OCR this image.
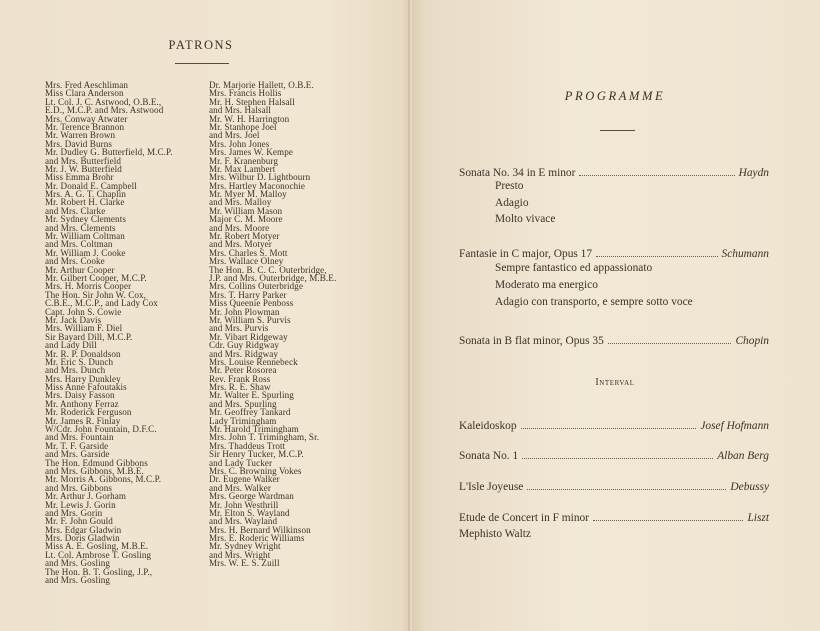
PATRONS
Mrs. Fred Aeschliman
Miss Clara Anderson
Lt. Col. J. C. Astwood, O.B.E.,
E.D., M.C.P. and Mrs. Astwood
Mrs. Conway Atwater
Mr. Terence Brannon
Mr. Warren Brown
Mrs. David Burns
Mr. Dudley G. Butterfield, M.C.P.
and Mrs. Butterfield
Mr. J. W. Butterfield
Miss Emma Brohr
Mr. Donald E. Campbell
Mrs. A. G. T. Chaplin
Mr. Robert H. Clarke
and Mrs. Clarke
Mr. Sydney Clements
and Mrs. Clements
Mr. William Coltman
and Mrs. Coltman
Mr. William J. Cooke
and Mrs. Cooke
Mr. Arthur Cooper
Mr. Gilbert Cooper, M.C.P.
Mrs. H. Morris Cooper
The Hon. Sir John W. Cox,
C.B.E., M.C.P., and Lady Cox
Capt. John S. Cowie
Mr. Jack Davis
Mrs. William F. Diel
Sir Bayard Dill, M.C.P.
and Lady Dill
Mr. R. P. Donaldson
Mr. Eric S. Dunch
and Mrs. Dunch
Mrs. Harry Dunkley
Miss Anne Fafoutakis
Mrs. Daisy Fasson
Mr. Anthony Ferraz
Mr. Roderick Ferguson
Mr. James R. Finlay
W/Cdr. John Fountain, D.F.C.
and Mrs. Fountain
Mr. T. F. Garside
and Mrs. Garside
The Hon. Edmund Gibbons
and Mrs. Gibbons, M.B.E.
Mr. Morris A. Gibbons, M.C.P.
and Mrs. Gibbons
Mr. Arthur J. Gorham
Mr. Lewis J. Gorin
and Mrs. Gorin
Mr. F. John Gould
Mrs. Edgar Gladwin
Mrs. Doris Gladwin
Miss A. E. Gosling, M.B.E.
Lt. Col. Ambrose T. Gosling
and Mrs. Gosling
The Hon. B. T. Gosling, J.P.,
and Mrs. Gosling
Dr. Marjorie Hallett, O.B.E.
Mrs. Francis Hollis
Mr. H. Stephen Halsall
and Mrs. Halsall
Mr. W. H. Harrington
Mr. Stanhope Joel
and Mrs. Joel
Mrs. John Jones
Mrs. James W. Kempe
Mr. F. Kranenburg
Mr. Max Lambert
Mrs. Wilbur D. Lightbourn
Mrs. Hartley Maconochie
Mr. Myer M. Malloy
and Mrs. Malloy
Mr. William Mason
Major C. M. Moore
and Mrs. Moore
Mr. Robert Motyer
and Mrs. Motyer
Mrs. Charles S. Mott
Mrs. Wallace Olney
The Hon. B. C. C. Outerbridge,
J.P. and Mrs. Outerbridge, M.B.E.
Mrs. Collins Outerbridge
Mrs. T. Harry Parker
Miss Queenie Penboss
Mr. John Plowman
Mr. William S. Purvis
and Mrs. Purvis
Mr. Vibart Ridgeway
Cdr. Guy Ridgway
and Mrs. Ridgway
Mrs. Louise Rennebeck
Mr. Peter Rosorea
Rev. Frank Ross
Mrs. R. E. Shaw
Mr. Walter E. Spurling
and Mrs. Spurling
Mr. Geoffrey Tankard
Lady Trimingham
Mr. Harold Trimingham
Mrs. John T. Trimingham, Sr.
Mrs. Thaddeus Trott
Sir Henry Tucker, M.C.P.
and Lady Tucker
Mrs. C. Browning Vokes
Dr. Eugene Walker
and Mrs. Walker
Mrs. George Wardman
Mr. John Westhrill
Mr. Elton S. Wayland
and Mrs. Wayland
Mrs. H. Bernard Wilkinson
Mrs. E. Roderic Williams
Mr. Sydney Wright
and Mrs. Wright
Mrs. W. E. S. Zuill
PROGRAMME
Sonata No. 34 in E minor	Haydn
Presto
Adagio
Molto vivace
Fantasie in C major, Opus 17	Schumann
Sempre fantastico ed appassionato
Moderato ma energico
Adagio con transporto, e sempre sotto voce
Sonata in B flat minor, Opus 35	Chopin
Interval
Kaleidoskop	Josef Hofmann
Sonata No. 1	Alban Berg
L'Isle Joyeuse	Debussy
Etude de Concert in F minor	Liszt
Mephisto Waltz
